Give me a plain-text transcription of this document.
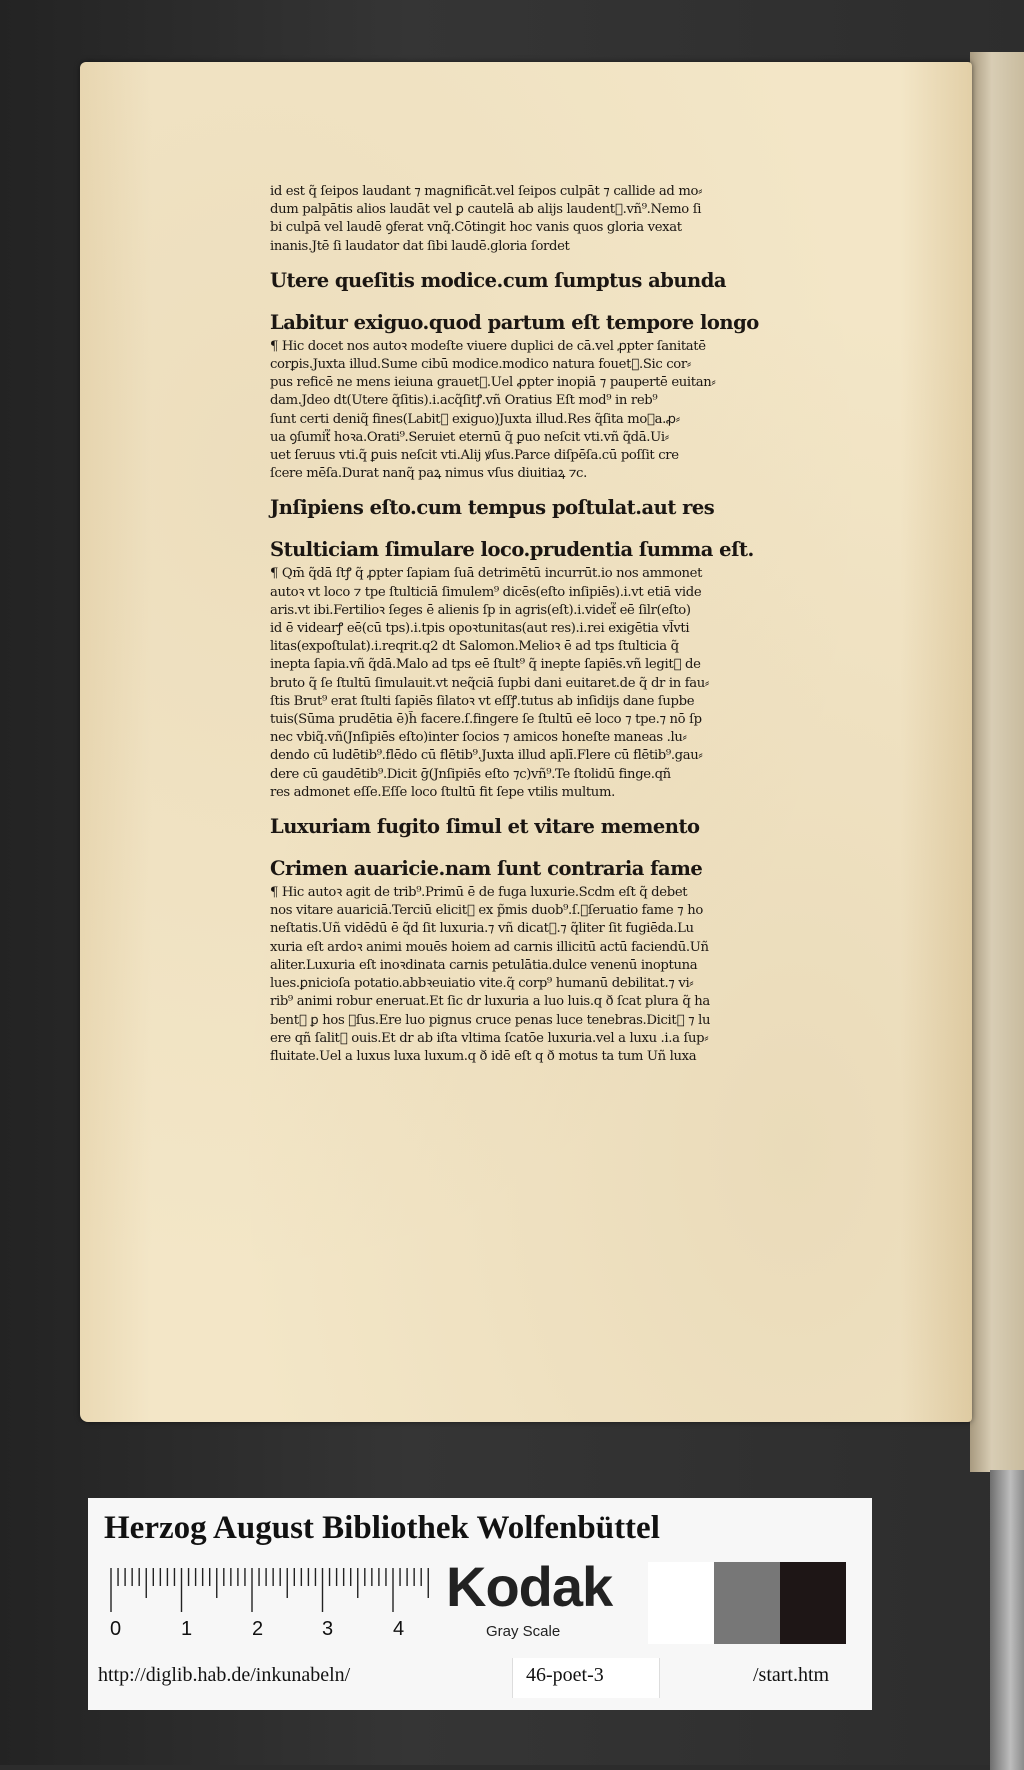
id est q̃ ſeipos laudant ⁊ magnificāt.vel ſeipos culpāt ⁊ callide ad mo⸗
dum palpātis alios laudāt vel ꝑ cautelā ab alijs laudent᷑.vñ⁹.Nemo ſi
bi culpā vel laudē ꝯferat vnq̃.Cōtingit hoc vanis quos gloria vexat
inanis.Jtē ſi laudator dat ſibi laudē.gloria ſordet
Utere queſitis modice.cum ſumptus abunda
Labitur exiguo.quod partum eſt tempore longo
¶ Hic docet nos autoꝛ modeſte viuere duplici de cā.vel ꝓpter ſanitatē
corꝑis.Juxta illud.Sume cibū modice.modico natura fouet᷑.Sic cor⸗
pus reficē ne mens ieiuna grauet᷑.Uel ꝓpter inopiā ⁊ paupertē euitan⸗
dam.Jdeo dt(Utere q̃ſitis).i.acq̃ſitꝭ.vñ Oratius Eſt mod⁹ in reb⁹
ſunt certi deniq̃ fines(Labit᷑ exiguo)Juxta illud.Res q̃ſita moꝛa.ꝓ⸗
ua ꝯſumit᷑ hoꝛa.Orati⁹.Seruiet eternū q̃ ꝑuo neſcit vti.vñ q̃dā.Ui⸗
uet ſeruus vti.q̃ ꝑuis neſcit vti.Alij ꝟſus.Parce diſpēſa.cū poſſit cre
ſcere mēſa.Durat nanq̃ paꝝ nimus vſus diuitiaꝝ ⁊c.
Jnſipiens eſto.cum tempus poſtulat.aut res
Stulticiam ſimulare loco.prudentia ſumma eſt.
¶ Qm̄ q̃dā ſtꝭ q̃ ꝓpter ſapiam ſuā detrimētū incurrūt.io nos ammonet
autoꝛ vt loco ⁊ tpe ſtulticiā ſimulem⁹ dicēs(eſto inſipiēs).i.vt etiā vide
aris.vt ibi.Fertilioꝛ ſeges ē alienis ſp in agris(eſt).i.videt᷑ eē ſilr(eſto)
id ē videarꝭ eē(cū tps).i.tpis opoꝛtunitas(aut res).i.rei exigētia vl̃vti
litas(expoſtulat).i.reqrit.q2 dt Salomon.Melioꝛ ē ad tps ſtulticia q̃
inepta ſapia.vñ q̃dā.Malo ad tps eē ſtult⁹ q̃ inepte ſapiēs.vñ legit᷑ de
bruto q̃ ſe ſtultū ſimulauit.vt neq̃ciā ſupbi dani euitaret.de q̃ dr in fau⸗
ſtis Brut⁹ erat ſtulti ſapiēs ſilatoꝛ vt eſſꝭ.tutus ab inſidijs dane ſupbe
tuis(Sūma prudētia ē)h̃ facere.ſ.fingere ſe ſtultū eē loco ⁊ tpe.⁊ nō ſp
nec vbiq̃.vñ(Jnſipiēs eſto)inter ſocios ⁊ amicos honeſte maneas .lu⸗
dendo cū ludētib⁹.flēdo cū flētib⁹.Juxta illud aplī.Flere cū flētib⁹.gau⸗
dere cū gaudētib⁹.Dicit ḡ(Jnſipiēs eſto ⁊c)vñ⁹.Te ſtolidū finge.qñ
res admonet eſſe.Eſſe loco ſtultū fit ſepe vtilis multum.
Luxuriam fugito ſimul et vitare memento
Crimen auaricie.nam ſunt contraria fame
¶ Hic autoꝛ agit de trib⁹.Primū ē de fuga luxurie.Scdm eſt q̃ debet
nos vitare auariciā.Terciū elicit᷑ ex p̃mis duob⁹.ſ.ꝯſeruatio fame ⁊ ho
neſtatis.Uñ vidēdū ē q̃d ſit luxuria.⁊ vñ dicat᷑.⁊ q̃liter ſit fugiēda.Lu
xuria eſt ardoꝛ animi mouēs hoiem ad carnis illicitū actū faciendū.Uñ
aliter.Luxuria eſt inoꝛdinata carnis petulātia.dulce venenū inoptuna
lues.ꝑnicioſa potatio.abbꝛeuiatio vite.q̃ corp⁹ humanū debilitat.⁊ vi⸗
rib⁹ animi robur eneruat.Et ſic dr luxuria a luo luis.q ð ſcat plura q̃ ha
bent᷑ ꝑ hos ꝟſus.Ere luo pignus cruce penas luce tenebras.Dicit᷑ ⁊ lu
ere qñ ſalit᷑ ouis.Et dr ab iſta vltima ſcatōe luxuria.vel a luxu .i.a ſup⸗
fluitate.Uel a luxus luxa luxum.q ð idē eſt q ð motus ta tum Uñ luxa
Herzog August Bibliothek Wolfenbüttel
0	1	2	3	4
Kodak
Gray Scale
http://diglib.hab.de/inkunabeln/	46-poet-3	/start.htm
